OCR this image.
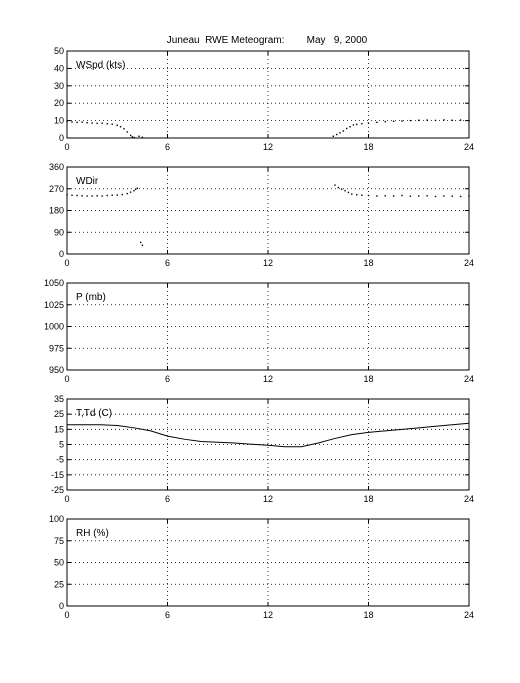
Juneau  RWE Meteogram:        May   9, 2000
0	6	12	18	24
0
10
20
30
40
50
WSpd (kts)
0	6	12	18	24
0
90
180
270
360
WDir
0	6	12	18	24
950
975
1000
1025
1050
P (mb)
0	6	12	18	24
-25
-15
-5
5
15
25
35
T,Td (C)
0	6	12	18	24
0
25
50
75
100
RH (%)
